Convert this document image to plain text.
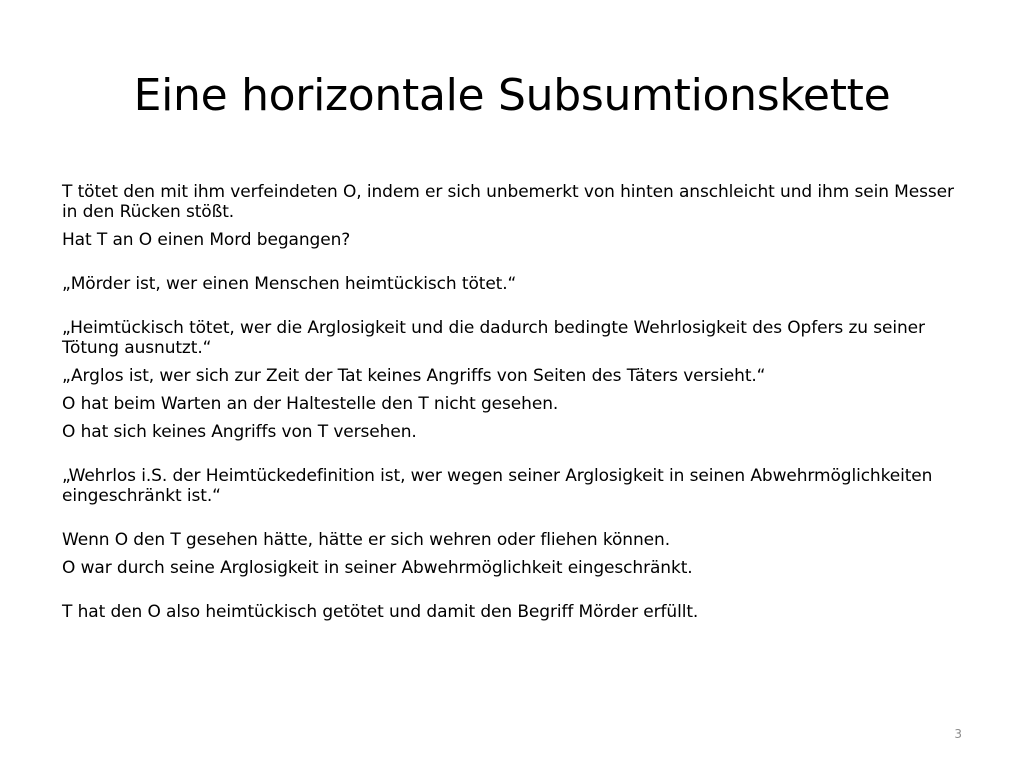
Eine horizontale Subsumtionskette

T tötet den mit ihm verfeindeten O, indem er sich unbemerkt von hinten anschleicht und ihm sein Messer in den Rücken stößt.

Hat T an O einen Mord begangen?

„Mörder ist, wer einen Menschen heimtückisch tötet.“

„Heimtückisch tötet, wer die Arglosigkeit und die dadurch bedingte Wehrlosigkeit des Opfers zu seiner Tötung ausnutzt.“

„Arglos ist, wer sich zur Zeit der Tat keines Angriffs von Seiten des Täters versieht.“

O hat beim Warten an der Haltestelle den T nicht gesehen.

O hat sich keines Angriffs von T versehen.

„Wehrlos i.S. der Heimtückedefinition ist, wer wegen seiner Arglosigkeit in seinen Abwehrmöglichkeiten eingeschränkt ist.“

Wenn O den T gesehen hätte, hätte er sich wehren oder fliehen können.

O war durch seine Arglosigkeit in seiner Abwehrmöglichkeit eingeschränkt.

T hat den O also heimtückisch getötet und damit den Begriff Mörder erfüllt.

3
